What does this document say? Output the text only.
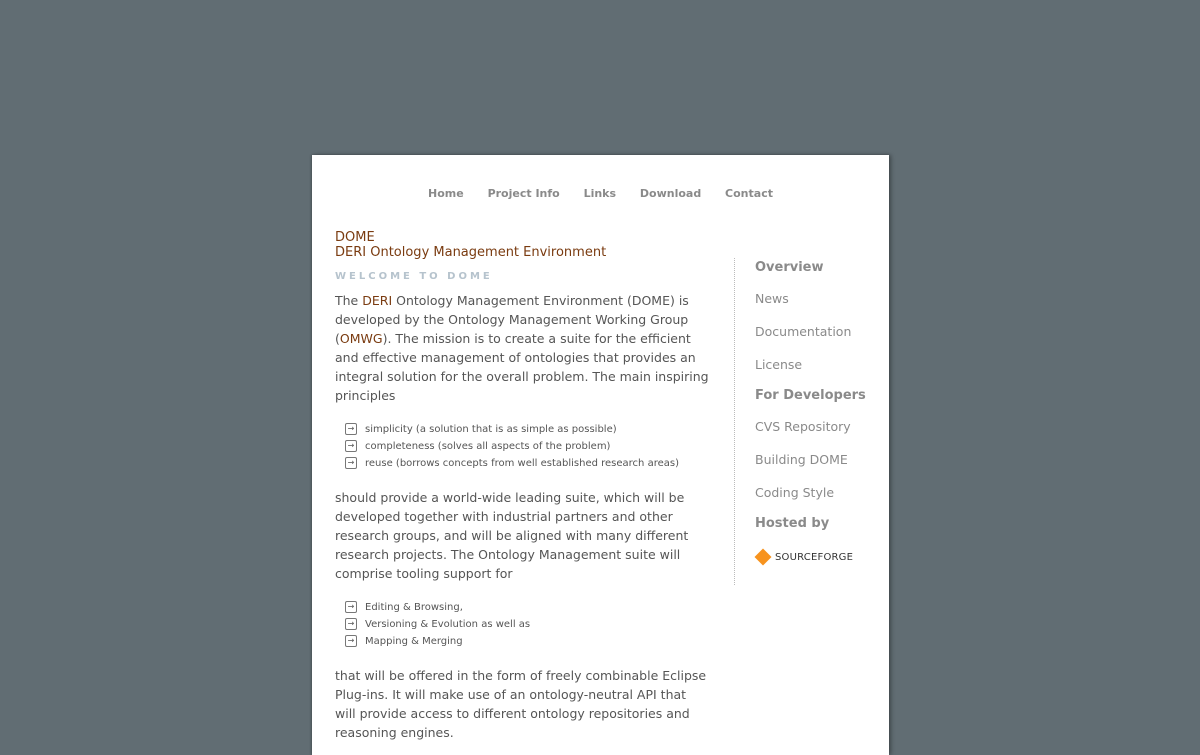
Home Project Info Links Download Contact
DOME
DERI Ontology Management Environment
WELCOME TO DOME

The DERI Ontology Management Environment (DOME) is developed by the Ontology Management Working Group (OMWG). The mission is to create a suite for the efficient and effective management of ontologies that provides an integral solution for the overall problem. The main inspiring principles

→ simplicity (a solution that is as simple as possible)
→ completeness (solves all aspects of the problem)
→ reuse (borrows concepts from well established research areas)

should provide a world-wide leading suite, which will be developed together with industrial partners and other research groups, and will be aligned with many different research projects. The Ontology Management suite will comprise tooling support for

→ Editing & Browsing,
→ Versioning & Evolution as well as
→ Mapping & Merging

that will be offered in the form of freely combinable Eclipse Plug-ins. It will make use of an ontology-neutral API that will provide access to different ontology repositories and reasoning engines.

Overview
News
Documentation
License
For Developers
CVS Repository
Building DOME
Coding Style
Hosted by
SOURCEFORGE
